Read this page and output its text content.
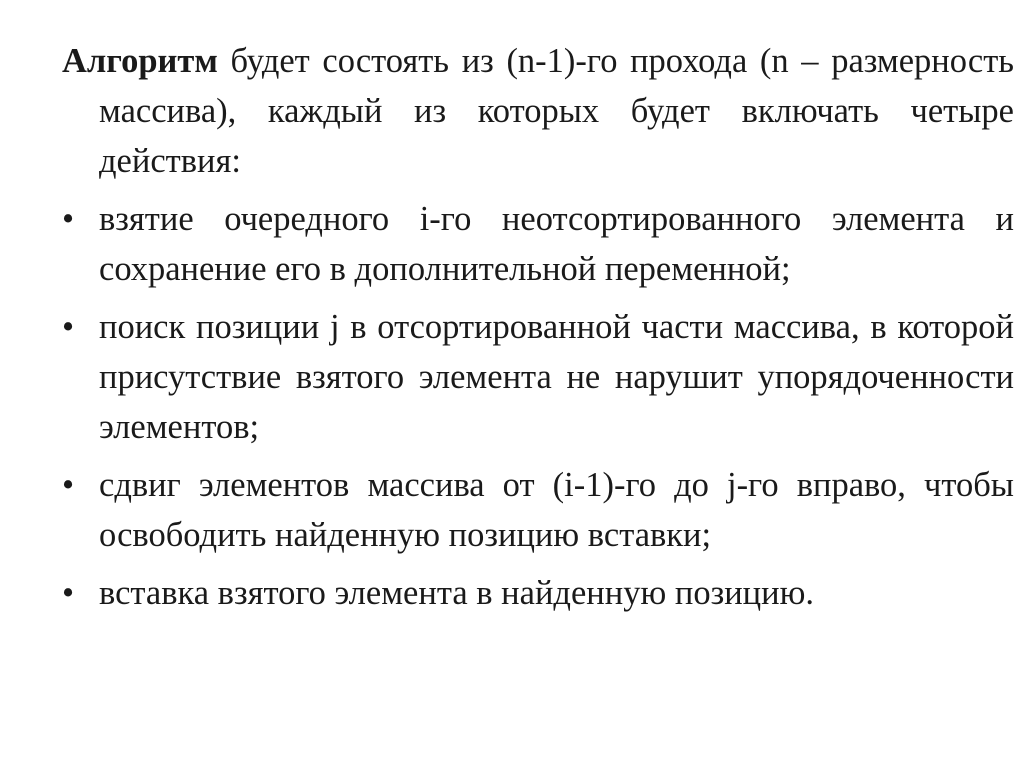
Алгоритм будет состоять из (n-1)-го прохода (n – размерность массива), каждый из которых будет включать четыре действия:

• взятие очередного i-го неотсортированного элемента и сохранение его в дополнительной переменной;
• поиск позиции j в отсортированной части массива, в которой присутствие взятого элемента не нарушит упорядоченности элементов;
• сдвиг элементов массива от (i-1)-го до j-го вправо, чтобы освободить найденную позицию вставки;
• вставка взятого элемента в найденную позицию.
